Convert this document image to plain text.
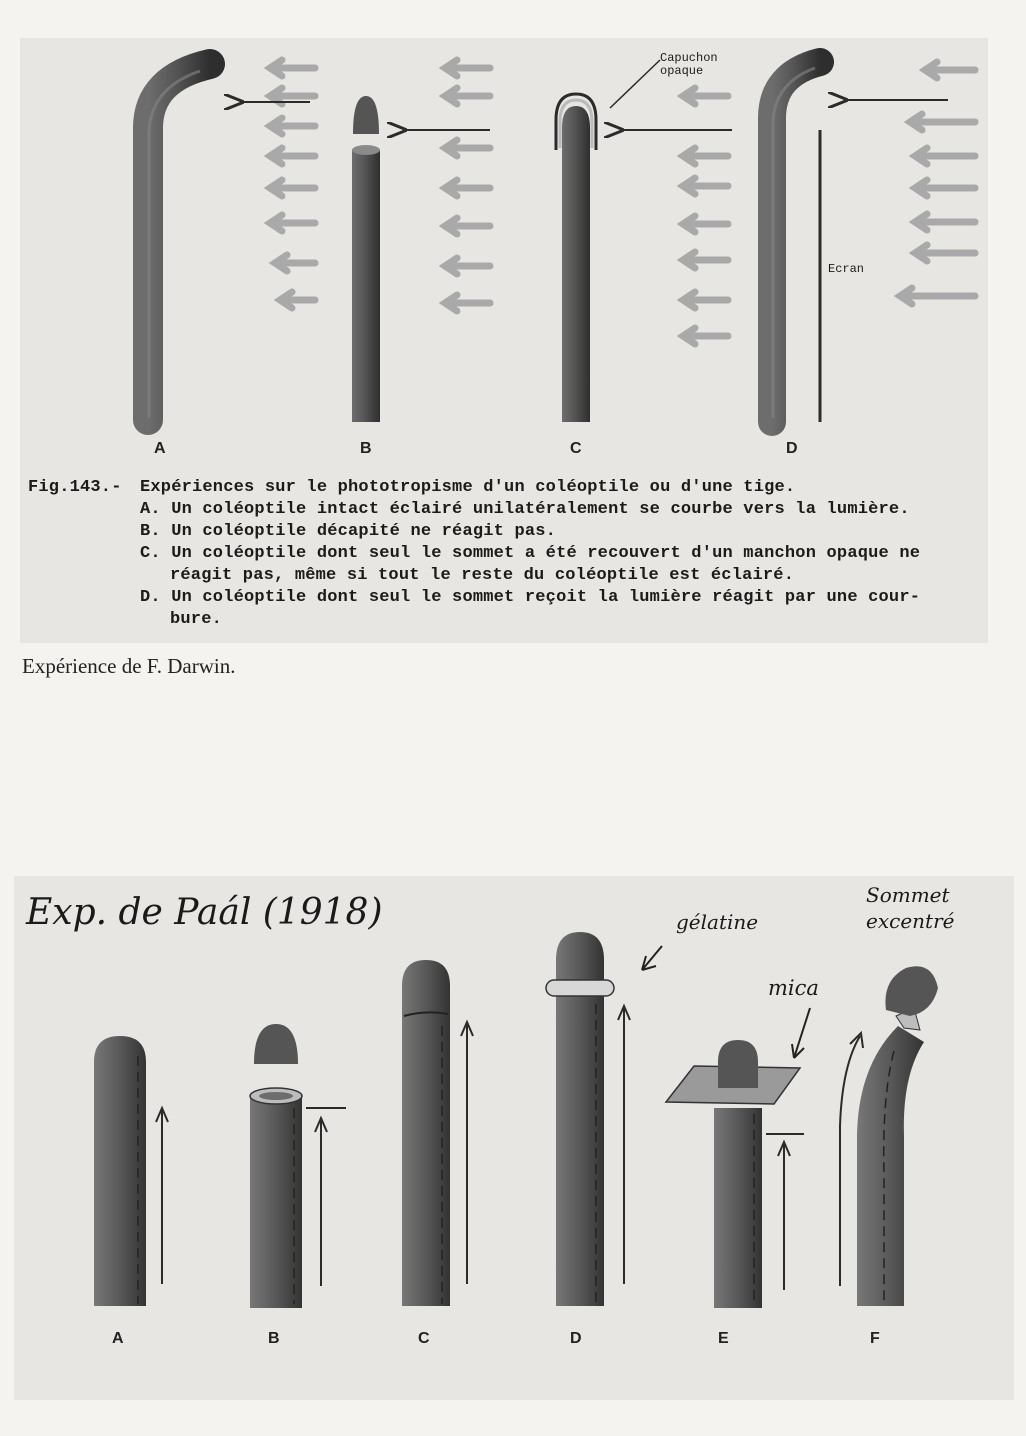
Capuchon
opaque
Ecran
A	B	C	D
Fig.143.- Expériences sur le phototropisme d'un coléoptile ou d'une tige.
A. Un coléoptile intact éclairé unilatéralement se courbe vers la lumière.
B. Un coléoptile décapité ne réagit pas.
C. Un coléoptile dont seul le sommet a été recouvert d'un manchon opaque ne
réagit pas, même si tout le reste du coléoptile est éclairé.
D. Un coléoptile dont seul le sommet reçoit la lumière réagit par une cour-
bure.
Expérience de F. Darwin.
Exp. de Paál (1918)	gélatine
mica
Sommet
excentré
A	B	C	D	E	F
